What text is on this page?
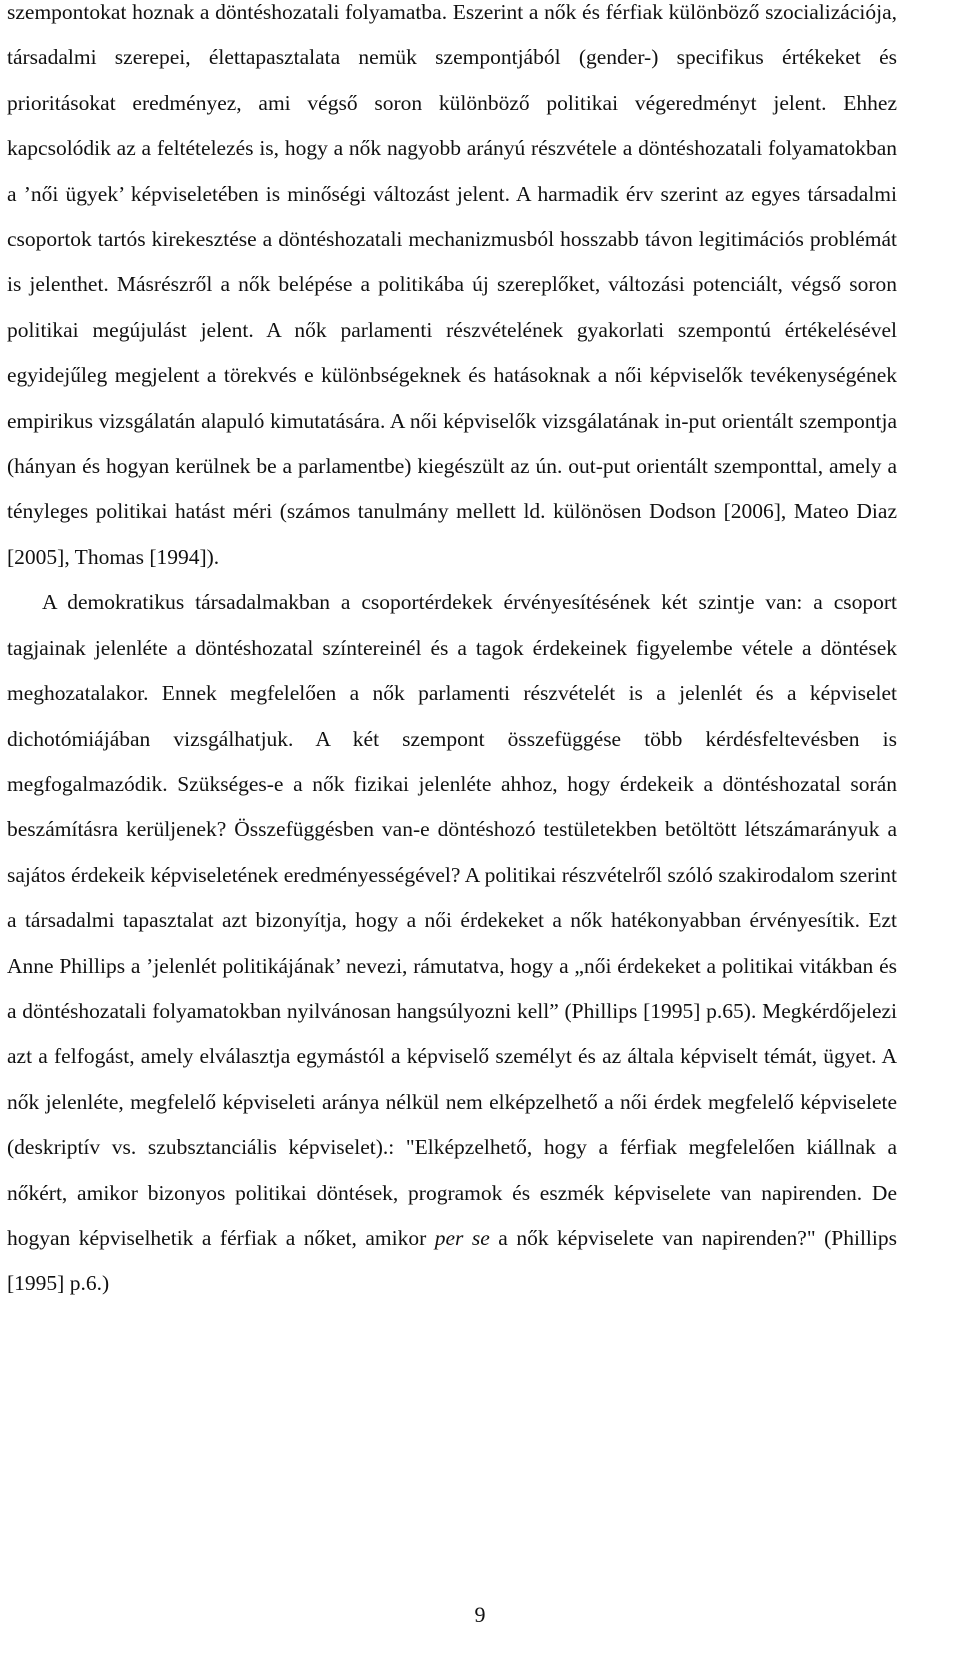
szempontokat hoznak a döntéshozatali folyamatba. Eszerint a nők és férfiak különböző szocializációja, társadalmi szerepei, élettapasztalata nemük szempontjából (gender-) specifikus értékeket és prioritásokat eredményez, ami végső soron különböző politikai végeredményt jelent. Ehhez kapcsolódik az a feltételezés is, hogy a nők nagyobb arányú részvétele a döntéshozatali folyamatokban a ’női ügyek’ képviseletében is minőségi változást jelent. A harmadik érv szerint az egyes társadalmi csoportok tartós kirekesztése a döntéshozatali mechanizmusból hosszabb távon legitimációs problémát is jelenthet. Másrészről a nők belépése a politikába új szereplőket, változási potenciált, végső soron politikai megújulást jelent. A nők parlamenti részvételének gyakorlati szempontú értékelésével egyidejűleg megjelent a törekvés e különbségeknek és hatásoknak a női képviselők tevékenységének empirikus vizsgálatán alapuló kimutatására. A női képviselők vizsgálatának in-put orientált szempontja (hányan és hogyan kerülnek be a parlamentbe) kiegészült az ún. out-put orientált szemponttal, amely a tényleges politikai hatást méri (számos tanulmány mellett ld. különösen Dodson [2006], Mateo Diaz [2005], Thomas [1994]).

A demokratikus társadalmakban a csoportérdekek érvényesítésének két szintje van: a csoport tagjainak jelenléte a döntéshozatal színtereinél és a tagok érdekeinek figyelembe vétele a döntések meghozatalakor. Ennek megfelelően a nők parlamenti részvételét is a jelenlét és a képviselet dichotómiájában vizsgálhatjuk. A két szempont összefüggése több kérdésfeltevésben is megfogalmazódik. Szükséges-e a nők fizikai jelenléte ahhoz, hogy érdekeik a döntéshozatal során beszámításra kerüljenek? Összefüggésben van-e döntéshozó testületekben betöltött létszámarányuk a sajátos érdekeik képviseletének eredményességével? A politikai részvételről szóló szakirodalom szerint a társadalmi tapasztalat azt bizonyítja, hogy a női érdekeket a nők hatékonyabban érvényesítik. Ezt Anne Phillips a ’jelenlét politikájának’ nevezi, rámutatva, hogy a „női érdekeket a politikai vitákban és a döntéshozatali folyamatokban nyilvánosan hangsúlyozni kell” (Phillips [1995] p.65). Megkérdőjelezi azt a felfogást, amely elválasztja egymástól a képviselő személyt és az általa képviselt témát, ügyet. A nők jelenléte, megfelelő képviseleti aránya nélkül nem elképzelhető a női érdek megfelelő képviselete (deskriptív vs. szubsztanciális képviselet).: "Elképzelhető, hogy a férfiak megfelelően kiállnak a nőkért, amikor bizonyos politikai döntések, programok és eszmék képviselete van napirenden. De hogyan képviselhetik a férfiak a nőket, amikor per se a nők képviselete van napirenden?" (Phillips [1995] p.6.)

9
